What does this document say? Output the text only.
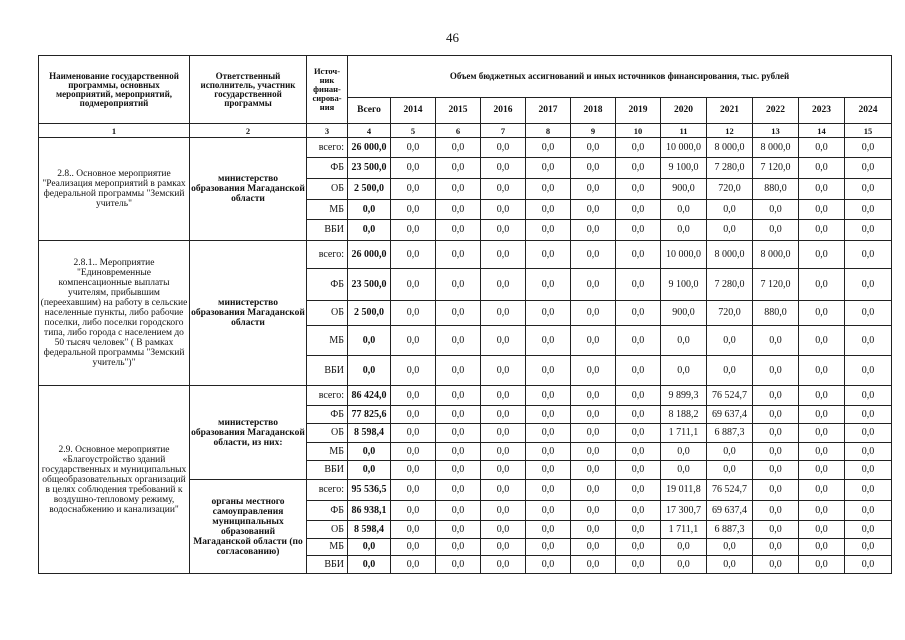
46
Наименование государственной программы, основных мероприятий, мероприятий, подмероприятий	Ответственный исполнитель, участник государственной программы	Источ-ник финан-сирова-ния	Объем бюджетных ассигнований и иных источников финансирования, тыс. рублей											
			Всего	2014	2015	2016	2017	2018	2019	2020	2021	2022	2023	2024
1	2	3	4	5	6	7	8	9	10	11	12	13	14	15
2.8.. Основное мероприятие "Реализация мероприятий в рамках федеральной программы "Земский учитель"	министерство образования Магаданской области	всего:	26 000,0	0,0	0,0	0,0	0,0	0,0	0,0	10 000,0	8 000,0	8 000,0	0,0	0,0
		ФБ	23 500,0	0,0	0,0	0,0	0,0	0,0	0,0	9 100,0	7 280,0	7 120,0	0,0	0,0
		ОБ	2 500,0	0,0	0,0	0,0	0,0	0,0	0,0	900,0	720,0	880,0	0,0	0,0
		МБ	0,0	0,0	0,0	0,0	0,0	0,0	0,0	0,0	0,0	0,0	0,0	0,0
		ВБИ	0,0	0,0	0,0	0,0	0,0	0,0	0,0	0,0	0,0	0,0	0,0	0,0
2.8.1.. Мероприятие "Единовременные компенсационные выплаты учителям, прибывшим (переехавшим) на работу в сельские населенные пункты, либо рабочие поселки, либо поселки городского типа, либо города с населением до 50 тысяч человек" ( В рамках федеральной программы "Земский учитель")"	министерство образования Магаданской области	всего:	26 000,0	0,0	0,0	0,0	0,0	0,0	0,0	10 000,0	8 000,0	8 000,0	0,0	0,0
		ФБ	23 500,0	0,0	0,0	0,0	0,0	0,0	0,0	9 100,0	7 280,0	7 120,0	0,0	0,0
		ОБ	2 500,0	0,0	0,0	0,0	0,0	0,0	0,0	900,0	720,0	880,0	0,0	0,0
		МБ	0,0	0,0	0,0	0,0	0,0	0,0	0,0	0,0	0,0	0,0	0,0	0,0
		ВБИ	0,0	0,0	0,0	0,0	0,0	0,0	0,0	0,0	0,0	0,0	0,0	0,0
2.9. Основное мероприятие «Благоустройство зданий государственных и муниципальных общеобразовательных организаций в целях соблюдения требований к воздушно-тепловому режиму, водоснабжению и канализации"	министерство образования Магаданской области, из них:	всего:	86 424,0	0,0	0,0	0,0	0,0	0,0	0,0	9 899,3	76 524,7	0,0	0,0	0,0
		ФБ	77 825,6	0,0	0,0	0,0	0,0	0,0	0,0	8 188,2	69 637,4	0,0	0,0	0,0
		ОБ	8 598,4	0,0	0,0	0,0	0,0	0,0	0,0	1 711,1	6 887,3	0,0	0,0	0,0
		МБ	0,0	0,0	0,0	0,0	0,0	0,0	0,0	0,0	0,0	0,0	0,0	0,0
		ВБИ	0,0	0,0	0,0	0,0	0,0	0,0	0,0	0,0	0,0	0,0	0,0	0,0
	органы местного самоуправления муниципальных образований Магаданской области (по согласованию)	всего:	95 536,5	0,0	0,0	0,0	0,0	0,0	0,0	19 011,8	76 524,7	0,0	0,0	0,0
		ФБ	86 938,1	0,0	0,0	0,0	0,0	0,0	0,0	17 300,7	69 637,4	0,0	0,0	0,0
		ОБ	8 598,4	0,0	0,0	0,0	0,0	0,0	0,0	1 711,1	6 887,3	0,0	0,0	0,0
		МБ	0,0	0,0	0,0	0,0	0,0	0,0	0,0	0,0	0,0	0,0	0,0	0,0
		ВБИ	0,0	0,0	0,0	0,0	0,0	0,0	0,0	0,0	0,0	0,0	0,0	0,0
